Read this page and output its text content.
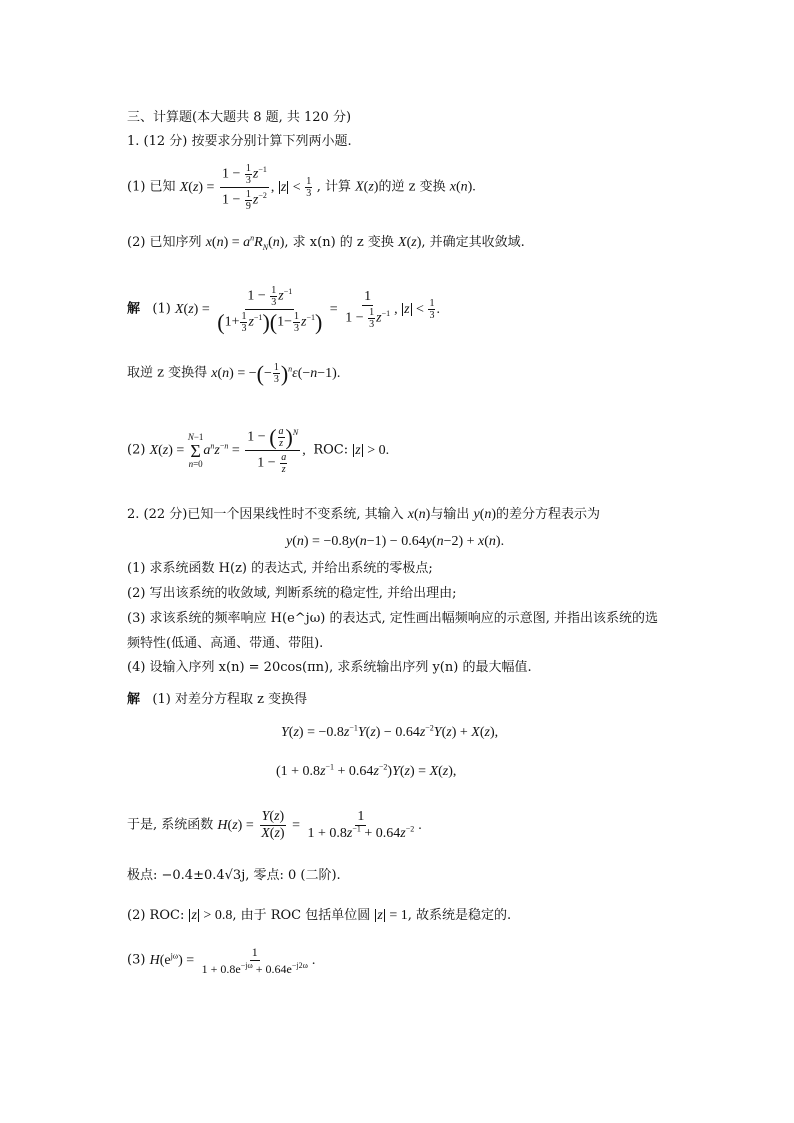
三、计算题(本大题共 8 题, 共 120 分)
1. (12 分) 按要求分别计算下列两小题.
(1) 已知 $X(z) = \frac{1 - \frac{1}{3} z^{-1}}{1 - \frac{1}{9} z^{-2}}$ , $z < \frac{1}{3}$ , 计算 X(z)的逆 z 变换 x(n).
(2) 已知序列 $x(n) = a^nR_N(n)$, 求 x(n) 的 z 变换 X(z), 并确定其收敛域.
解 (1) $X(z) = \frac{1 - \frac{1}{3} z^{-1}}{(1+ \frac{1}{3} z^{-1})(1- \frac{1}{3} z^{-1})} = \frac{1}{1 - \frac{1}{3} z^{-1}}$ , $z < \frac{1}{3}$ .
取逆 z 变换得 x(n) = −(− $\frac{1}{3} )^n\varepsilon(-n-1)$.
(2) X(z) =
N−1
Σ
n=0
$a^nz^{-n} = \frac{1 - ( \frac{a}{z} )^N}{1 - \frac{a}{z}}$ ,  ROC: z > 0.
2. (22 分)已知一个因果线性时不变系统, 其输入 x(n)与输出 y(n)的差分方程表示为
y(n) = −0.8y(n−1) − 0.64y(n−2) + x(n).
(1) 求系统函数 H(z) 的表达式, 并给出系统的零极点;
(2) 写出该系统的收敛域, 判断系统的稳定性, 并给出理由;
(3) 求该系统的频率响应 H(e^jω) 的表达式, 定性画出幅频响应的示意图, 并指出该系统的选
频特性(低通、高通、带通、带阻).
(4) 设输入序列 x(n) = 20cos(πn), 求系统输出序列 y(n) 的最大幅值.
解 (1) 对差分方程取 z 变换得
$Y(z) = -0.8z^{-1}Y(z) - 0.64z^{-2}Y(z) + X(z)$,
$(1 + 0.8z^{-1} + 0.64z^{-2})Y(z) = X(z)$,
于是, 系统函数 $H(z) = \frac{Y(z)}{X(z)} = \frac{1}{1 + 0.8z^{-1} + 0.64z^{-2}}$ .
极点: −0.4±0.4√3j, 零点: 0 (二阶).
(2) ROC: z > 0.8, 由于 ROC 包括单位圆 z = 1, 故系统是稳定的.
(3) $H(e^{j\omega}) = \frac{1}{1 + 0.8e^{-j\omega} + 0.64e^{-j2\omega}}$ .
